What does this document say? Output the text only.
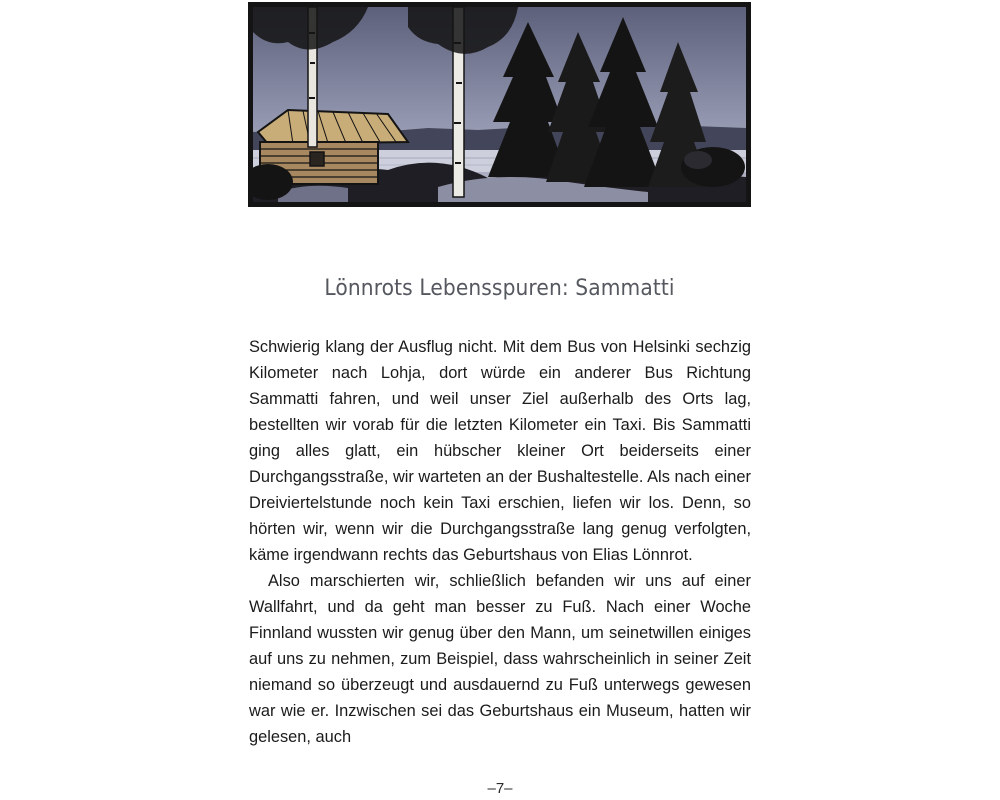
Lönnrots Lebensspuren: Sammatti

Schwierig klang der Ausflug nicht. Mit dem Bus von Helsinki sechzig Kilometer nach Lohja, dort würde ein anderer Bus Richtung Sammatti fahren, und weil unser Ziel außerhalb des Orts lag, bestellten wir vorab für die letzten Kilometer ein Taxi. Bis Sammatti ging alles glatt, ein hübscher kleiner Ort beiderseits einer Durchgangsstraße, wir warteten an der Bushaltestelle. Als nach einer Dreiviertelstunde noch kein Taxi erschien, liefen wir los. Denn, so hörten wir, wenn wir die Durchgangsstraße lang genug verfolgten, käme irgendwann rechts das Geburtshaus von Elias Lönnrot.

Also marschierten wir, schließlich befanden wir uns auf einer Wallfahrt, und da geht man besser zu Fuß. Nach einer Woche Finnland wussten wir genug über den Mann, um seinetwillen einiges auf uns zu nehmen, zum Beispiel, dass wahrscheinlich in seiner Zeit niemand so überzeugt und ausdauernd zu Fuß unterwegs gewesen war wie er. Inzwischen sei das Geburtshaus ein Museum, hatten wir gelesen, auch

–7–
